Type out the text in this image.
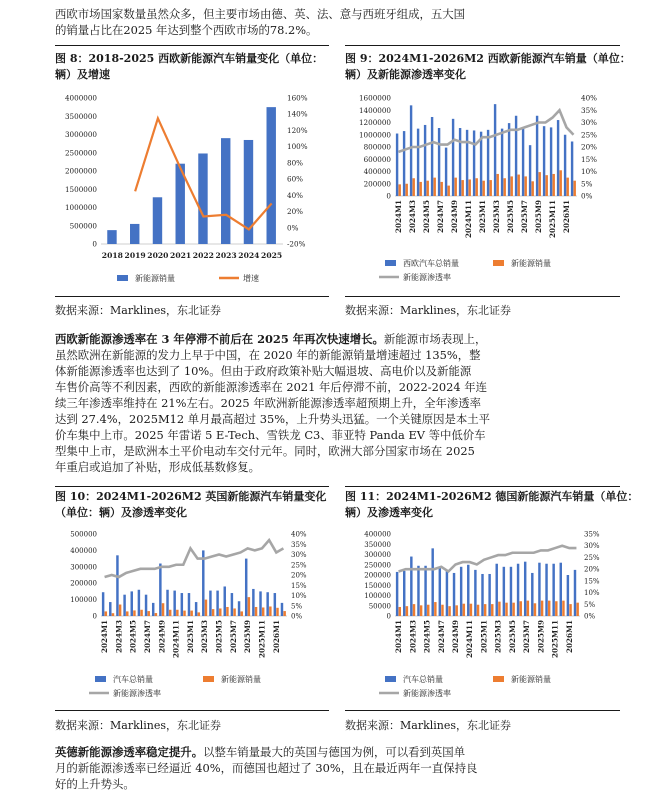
西欧市场国家数量虽然众多，但主要市场由德、英、法、意与西班牙组成，五大国
的销量占比在2025 年达到整个西欧市场的78.2%。
图 8：2018-2025 西欧新能源汽车销量变化（单位：
辆）及增速
0
500000
1000000
1500000
2000000
2500000
3000000
3500000
4000000
-20%
0%
20%
40%
60%
80%
100%
120%
140%
160%
2018 2019 2020 2021 2022 2023 2024 2025
新能源销量	增速
数据来源：Marklines，东北证券
图 9：2024M1-2026M2 西欧新能源汽车销量（单位：
辆）及新能源渗透率变化
0
200000
400000
600000
800000
1000000
1200000
1400000
1600000
0%
5%
10%
15%
20%
25%
30%
35%
40%
2024M1 2024M3 2024M5 2024M7 2024M9 2024M11 2025M1 2025M3 2025M5 2025M7 2025M9 2025M11 2026M1
西欧汽车总销量	新能源销量
新能源渗透率
数据来源：Marklines，东北证券
西欧新能源渗透率在 3 年停滞不前后在 2025 年再次快速增长。新能源市场表现上，
虽然欧洲在新能源的发力上早于中国，在 2020 年的新能源销量增速超过 135%，整
体新能源渗透率也达到了 10%。但由于政府政策补贴大幅退坡、高电价以及新能源
车售价高等不利因素，西欧的新能源渗透率在 2021 年后停滞不前，2022-2024 年连
续三年渗透率维持在 21%左右。2025 年欧洲新能源渗透率超预期上升，全年渗透率
达到 27.4%，2025M12 单月最高超过 35%，上升势头迅猛。一个关键原因是本土平
价车集中上市。2025 年雷诺 5 E-Tech、雪铁龙 C3、菲亚特 Panda EV 等中低价车
型集中上市，是欧洲本土平价电动车交付元年。同时，欧洲大部分国家市场在 2025
年重启或追加了补贴，形成低基数修复。
图 10：2024M1-2026M2 英国新能源汽车销量变化
（单位：辆）及渗透率变化
0
100000
200000
300000
400000
500000
0%
5%
10%
15%
20%
25%
30%
35%
40%
2024M1 2024M3 2024M5 2024M7 2024M9 2024M11 2025M1 2025M3 2025M5 2025M7 2025M9 2025M11 2026M1
汽车总销量	新能源销量
新能源渗透率
数据来源：Marklines，东北证券
图 11：2024M1-2026M2 德国新能源汽车销量（单位：
辆）及渗透率变化
0
50000
100000
150000
200000
250000
300000
350000
400000
0%
5%
10%
15%
20%
25%
30%
35%
2024M1 2024M3 2024M5 2024M7 2024M9 2024M11 2025M1 2025M3 2025M5 2025M7 2025M9 2025M11 2026M1
汽车总销量	新能源销量
新能源渗透率
数据来源：Marklines，东北证券
英德新能源渗透率稳定提升。以整车销量最大的英国与德国为例，可以看到英国单
月的新能源渗透率已经逼近 40%，而德国也超过了 30%，且在最近两年一直保持良
好的上升势头。
